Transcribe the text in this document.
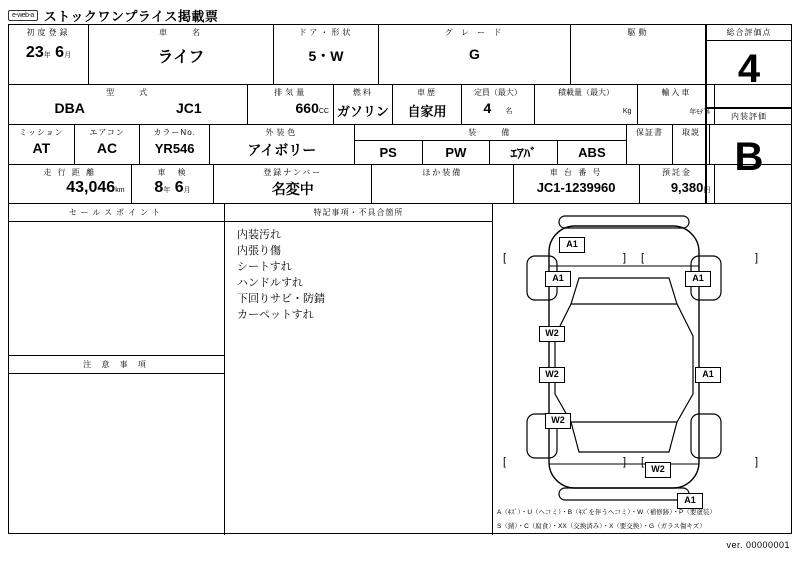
e-web-a ストックワンプライス掲載票
初度登録
23年 6月
車　　名
ライフ
ドア・形状
5・W
グ レ ー ド
G
駆動
型　　式
DBA	JC1
排気量
660CC
燃料
ガソリン
車歴
自家用
定員（最大）
4 名
積載量（最大）
Kg
輸入車
年ﾓﾃﾞﾙ
ミッション
AT
エアコン
AC
カラーNo.
YR546
外装色
アイボリー
装　　備
PS	PW	ｴｱﾊﾞ	ABS
保証書	取説
走 行 距 離
43,046km
車　検
8年 6月
登録ナンバー
名変中
ほか装備	車 台 番 号
JC1-1239960
預託金
9,380円
総合評価点
4
内装評価
B
セールスポイント
注 意 事 項
特記事項・不具合箇所
内装汚れ
内張り傷
シートすれ
ハンドルすれ
下回りサビ・防錆
カーペットすれ
A1
A1	A1
W2
W2	A1
W2
W2
A1
[	] [	]
[	] [	]
A（ｷｽﾞ）・U（ヘコミ）・B（ｷｽﾞを伴うヘコミ）・W（補修跡）・P（要塗装）
S（錆）・C（腐食）・XX（交換済み）・X（要交換）・G（ガラス傷キズ）
ver. 00000001
